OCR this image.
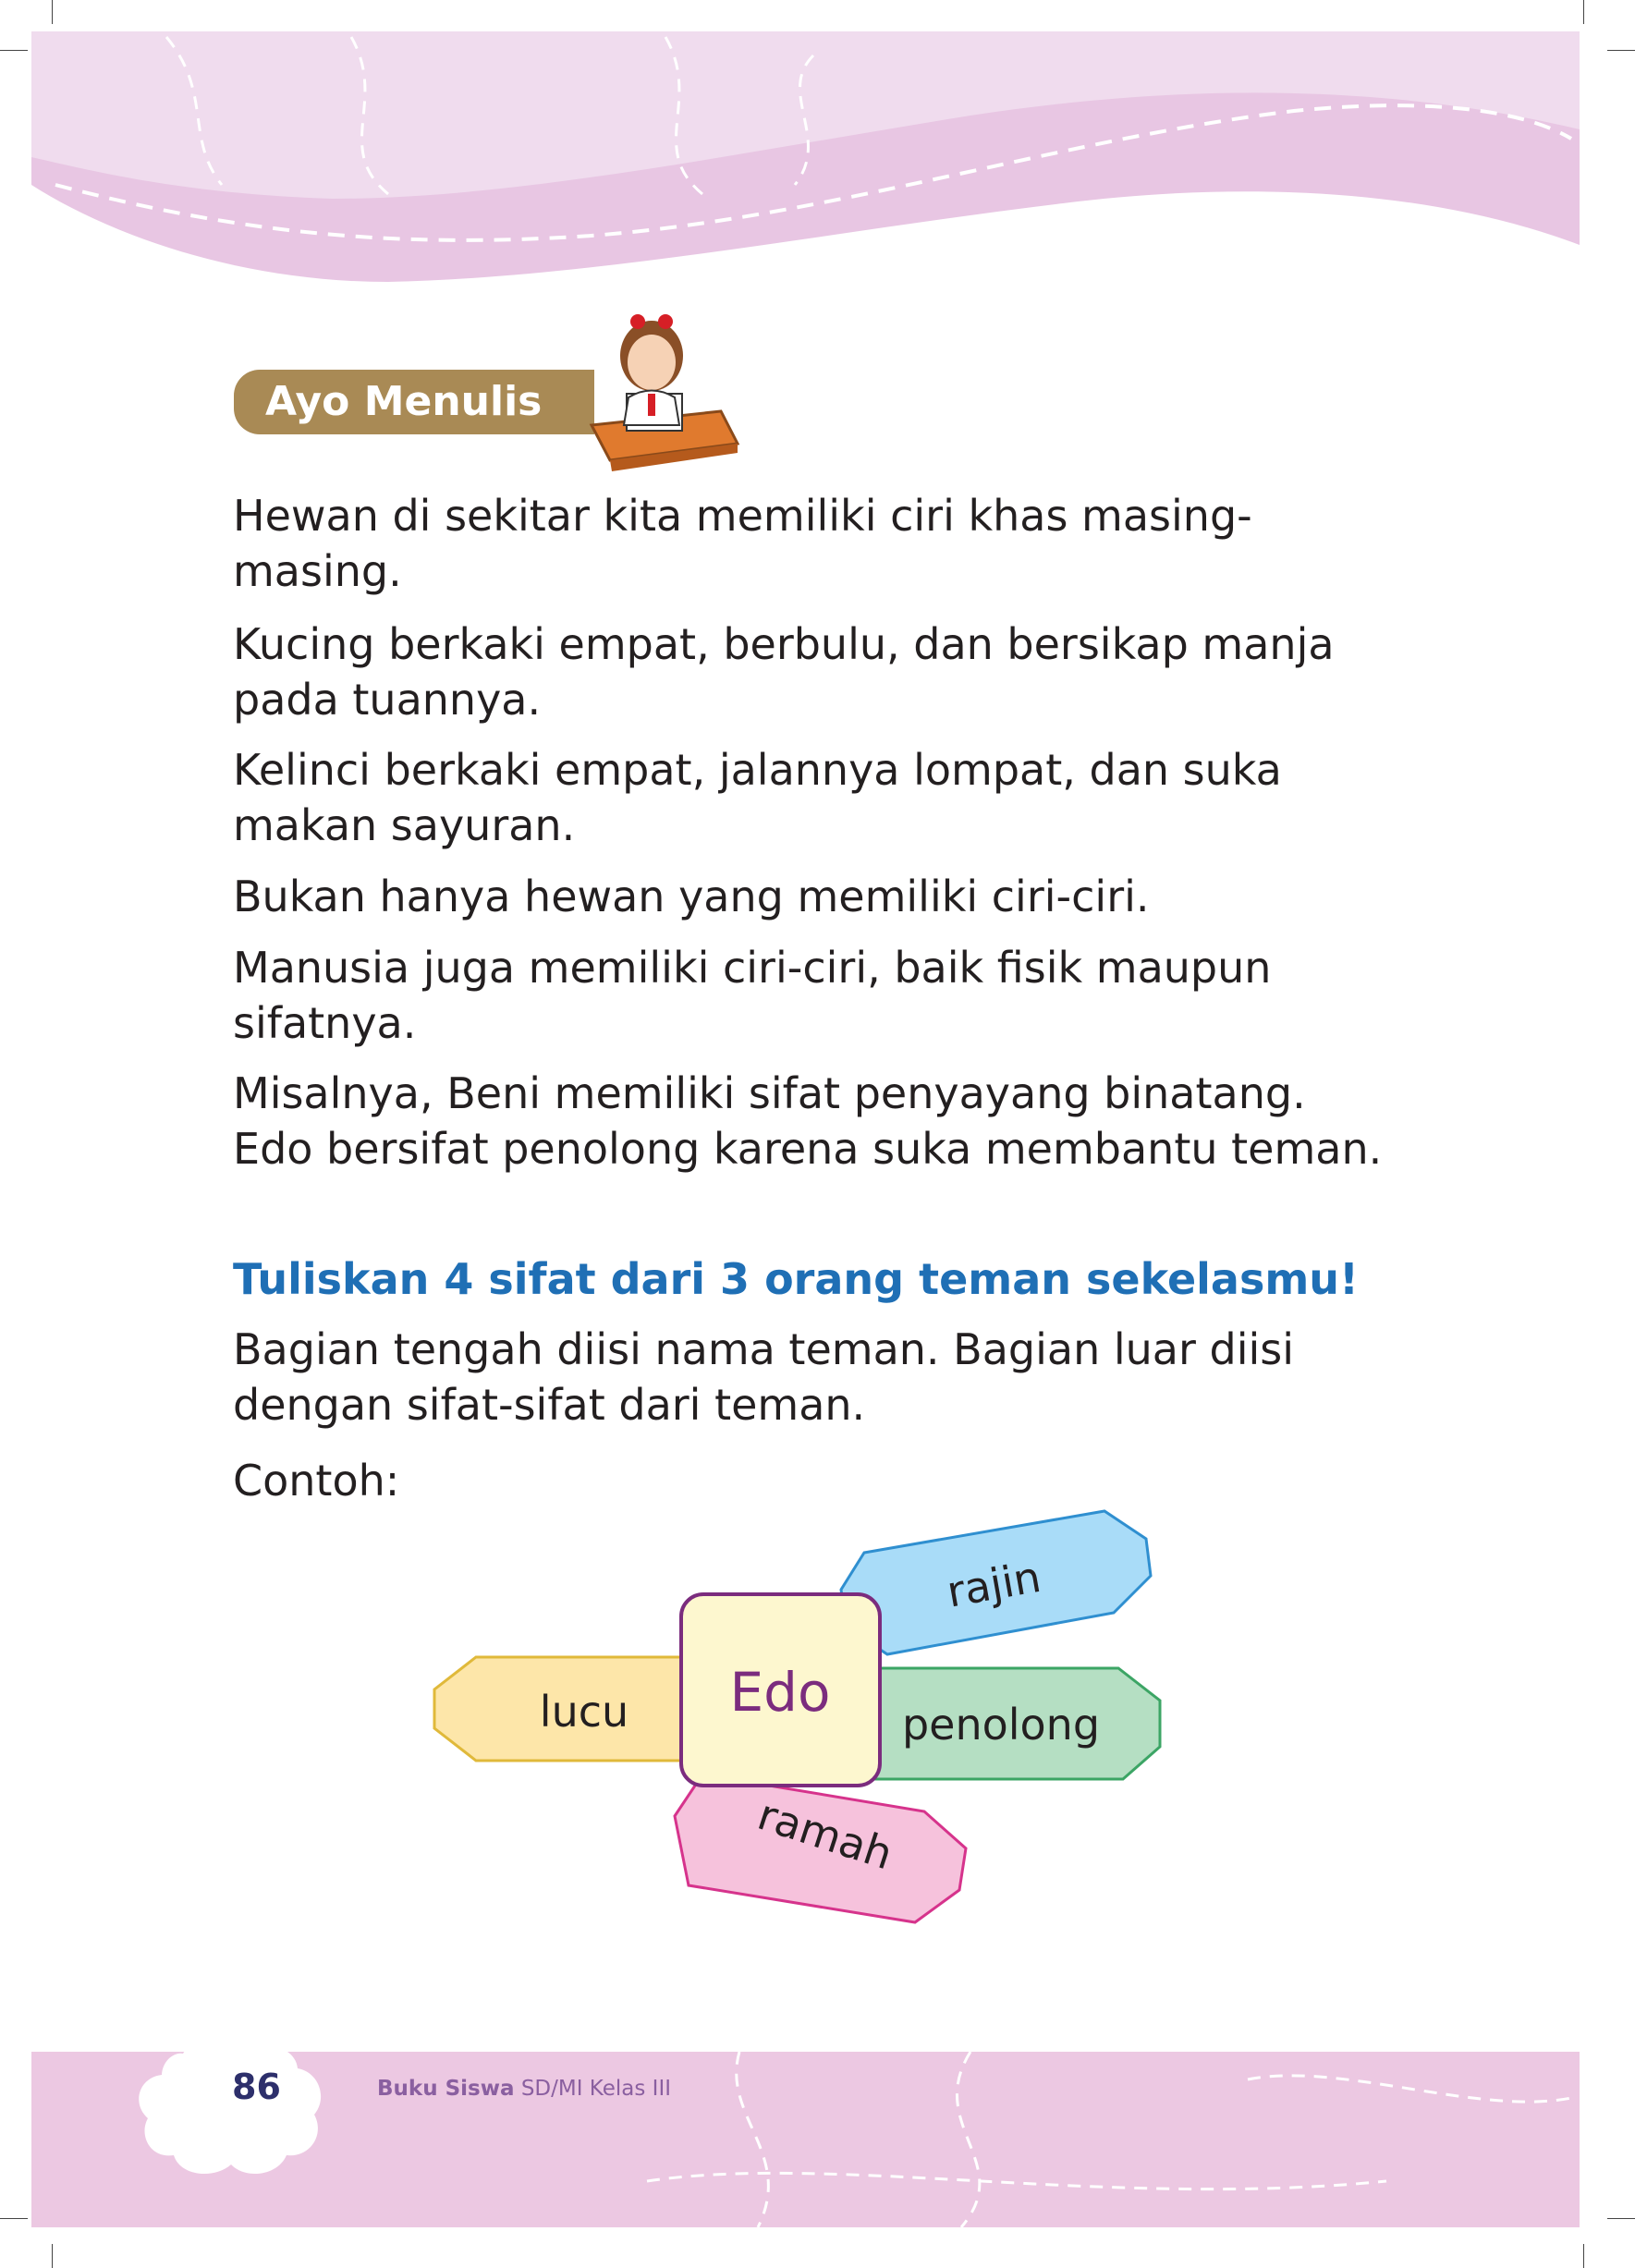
Ayo Menulis

Hewan di sekitar kita memiliki ciri khas masing-masing.

Kucing berkaki empat, berbulu, dan bersikap manja pada tuannya.

Kelinci berkaki empat, jalannya lompat, dan suka makan sayuran.

Bukan hanya hewan yang memiliki ciri-ciri.

Manusia juga memiliki ciri-ciri, baik fisik maupun sifatnya.

Misalnya, Beni memiliki sifat penyayang binatang. Edo bersifat penolong karena suka membantu teman.

Tuliskan 4 sifat dari 3 orang teman sekelasmu!

Bagian tengah diisi nama teman. Bagian luar diisi dengan sifat-sifat dari teman.

Contoh:

rajin
lucu	penolong
ramah
Edo
86	Buku Siswa SD/MI Kelas III
